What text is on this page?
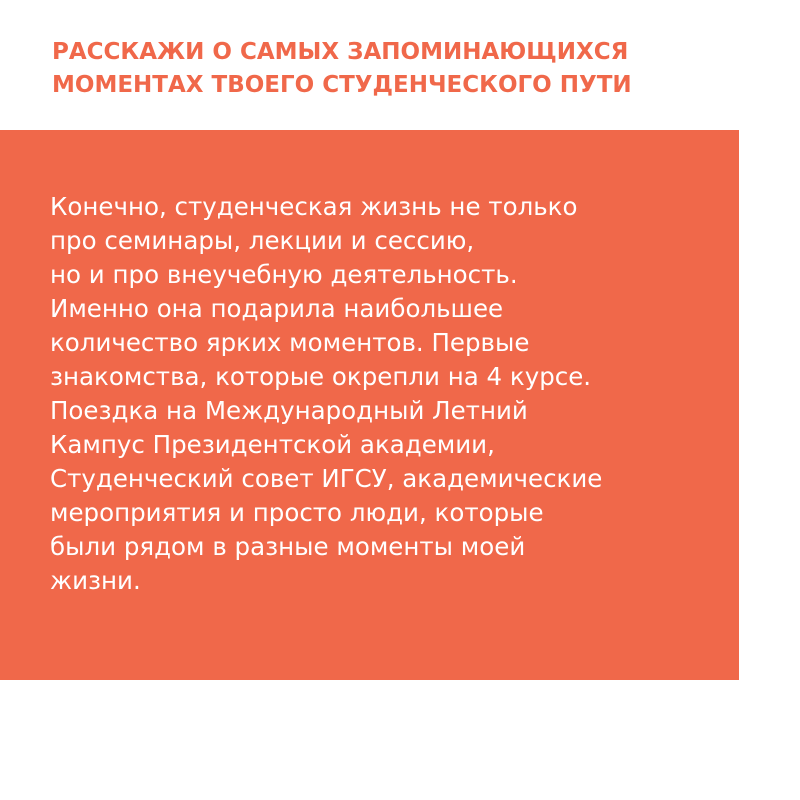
РАССКАЖИ О САМЫХ ЗАПОМИНАЮЩИХСЯ
МОМЕНТАХ ТВОЕГО СТУДЕНЧЕСКОГО ПУТИ

Конечно, студенческая жизнь не только
про семинары, лекции и сессию,
но и про внеучебную деятельность.
Именно она подарила наибольшее
количество ярких моментов. Первые
знакомства, которые окрепли на 4 курсе.
Поездка на Международный Летний
Кампус Президентской академии,
Студенческий совет ИГСУ, академические
мероприятия и просто люди, которые
были рядом в разные моменты моей
жизни.
